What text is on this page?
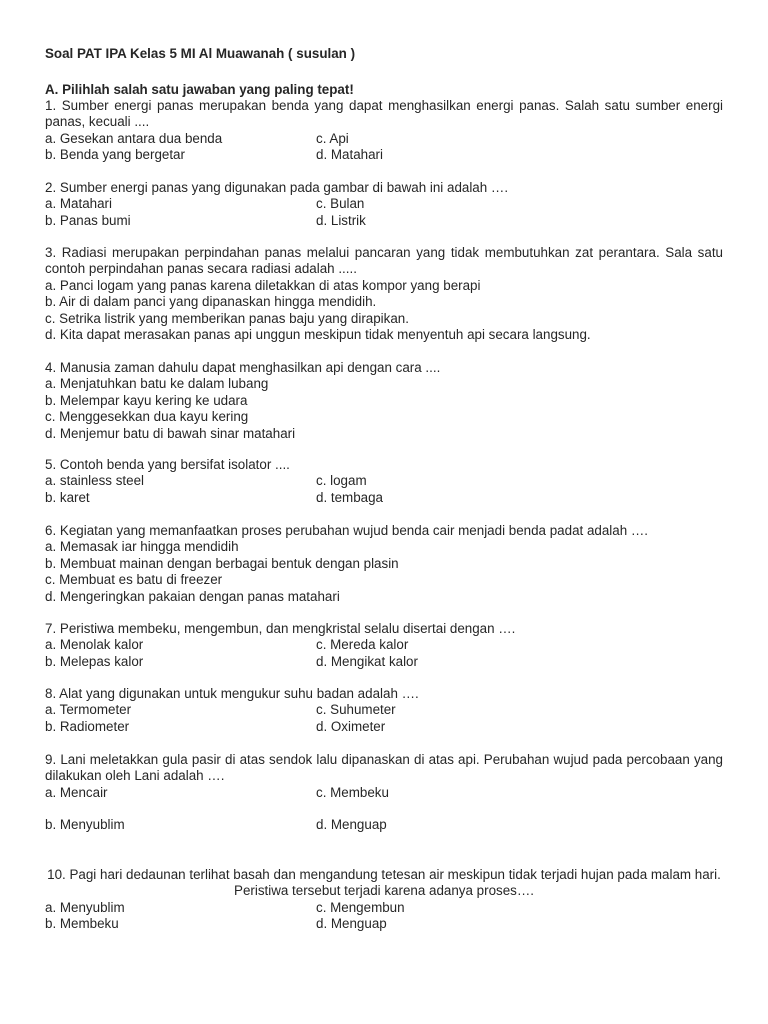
Soal PAT IPA Kelas 5 MI Al Muawanah ( susulan )
A. Pilihlah salah satu jawaban yang paling tepat!

1. Sumber energi panas merupakan benda yang dapat menghasilkan energi panas. Salah satu sumber energi panas, kecuali ....

a. Gesekan antara dua benda	c. Api
b. Benda yang bergetar	d. Matahari

2. Sumber energi panas yang digunakan pada gambar di bawah ini adalah ….

a. Matahari	c. Bulan
b. Panas bumi	d. Listrik

3. Radiasi merupakan perpindahan panas melalui pancaran yang tidak membutuhkan zat perantara. Sala satu contoh perpindahan panas secara radiasi adalah .....

a. Panci logam yang panas karena diletakkan di atas kompor yang berapi
b. Air di dalam panci yang dipanaskan hingga mendidih.
c. Setrika listrik yang memberikan panas baju yang dirapikan.
d. Kita dapat merasakan panas api unggun meskipun tidak menyentuh api secara langsung.

4. Manusia zaman dahulu dapat menghasilkan api dengan cara ....

a. Menjatuhkan batu ke dalam lubang
b. Melempar kayu kering ke udara
c. Menggesekkan dua kayu kering
d. Menjemur batu di bawah sinar matahari

5. Contoh benda yang bersifat isolator ....

a. stainless steel	c. logam
b. karet	d. tembaga

6. Kegiatan yang memanfaatkan proses perubahan wujud benda cair menjadi benda padat adalah ….

a. Memasak iar hingga mendidih
b. Membuat mainan dengan berbagai bentuk dengan plasin
c. Membuat es batu di freezer
d. Mengeringkan pakaian dengan panas matahari

7. Peristiwa membeku, mengembun, dan mengkristal selalu disertai dengan ….

a. Menolak kalor	c. Mereda kalor
b. Melepas kalor	d. Mengikat kalor

8. Alat yang digunakan untuk mengukur suhu badan adalah ….

a. Termometer	c. Suhumeter
b. Radiometer	d. Oximeter

9. Lani meletakkan gula pasir di atas sendok lalu dipanaskan di atas api. Perubahan wujud pada percobaan yang dilakukan oleh Lani adalah ….

a. Mencair	c. Membeku
b. Menyublim	d. Menguap

10. Pagi hari dedaunan terlihat basah dan mengandung tetesan air meskipun tidak terjadi hujan pada malam hari. Peristiwa tersebut terjadi karena adanya proses….

a. Menyublim	c. Mengembun
b. Membeku	d. Menguap
